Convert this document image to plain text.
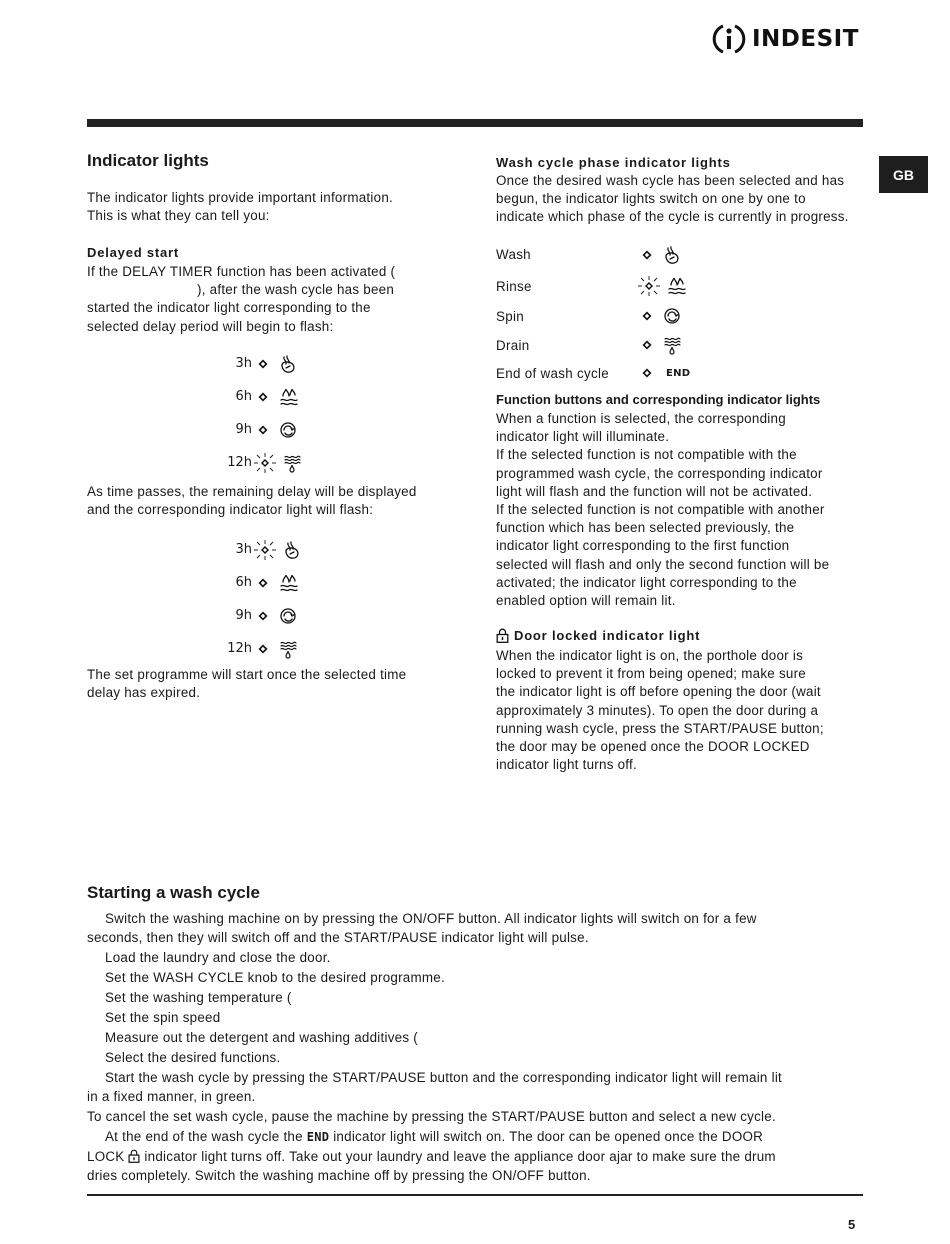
INDESIT
GB
Indicator lights

The indicator lights provide important information.

This is what they can tell you:

Delayed start

If the DELAY TIMER function has been activated (

), after the wash cycle has been

started the indicator light corresponding to the

selected delay period will begin to flash:

3h
6h
9h
12h

As time passes, the remaining delay will be displayed

and the corresponding indicator light will flash:

3h
6h
9h
12h

The set programme will start once the selected time

delay has expired.

Wash cycle phase indicator lights

Once the desired wash cycle has been selected and has

begun, the indicator lights switch on one by one to

indicate which phase of the cycle is currently in progress.

Wash
Rinse
Spin
Drain
End of wash cycle	END
Function buttons and corresponding indicator lights

When a function is selected, the corresponding

indicator light will illuminate.

If the selected function is not compatible with the

programmed wash cycle, the corresponding indicator

light will flash and the function will not be activated.

If the selected function is not compatible with another

function which has been selected previously, the

indicator light corresponding to the first function

selected will flash and only the second function will be

activated; the indicator light corresponding to the

enabled option will remain lit.

Door locked indicator light

When the indicator light is on, the porthole door is

locked to prevent it from being opened; make sure

the indicator light is off before opening the door (wait

approximately 3 minutes). To open the door during a

running wash cycle, press the START/PAUSE button;

the door may be opened once the DOOR LOCKED

indicator light turns off.

Starting a wash cycle

Switch the washing machine on by pressing the ON/OFF button. All indicator lights will switch on for a few

seconds, then they will switch off and the START/PAUSE indicator light will pulse.

Load the laundry and close the door.

Set the WASH CYCLE knob to the desired programme.

Set the washing temperature (

Set the spin speed

Measure out the detergent and washing additives (

Select the desired functions.

Start the wash cycle by pressing the START/PAUSE button and the corresponding indicator light will remain lit

in a fixed manner, in green.

To cancel the set wash cycle, pause the machine by pressing the START/PAUSE button and select a new cycle.

At the end of the wash cycle the END indicator light will switch on. The door can be opened once the DOOR

LOCK  indicator light turns off. Take out your laundry and leave the appliance door ajar to make sure the drum

dries completely. Switch the washing machine off by pressing the ON/OFF button.

5
